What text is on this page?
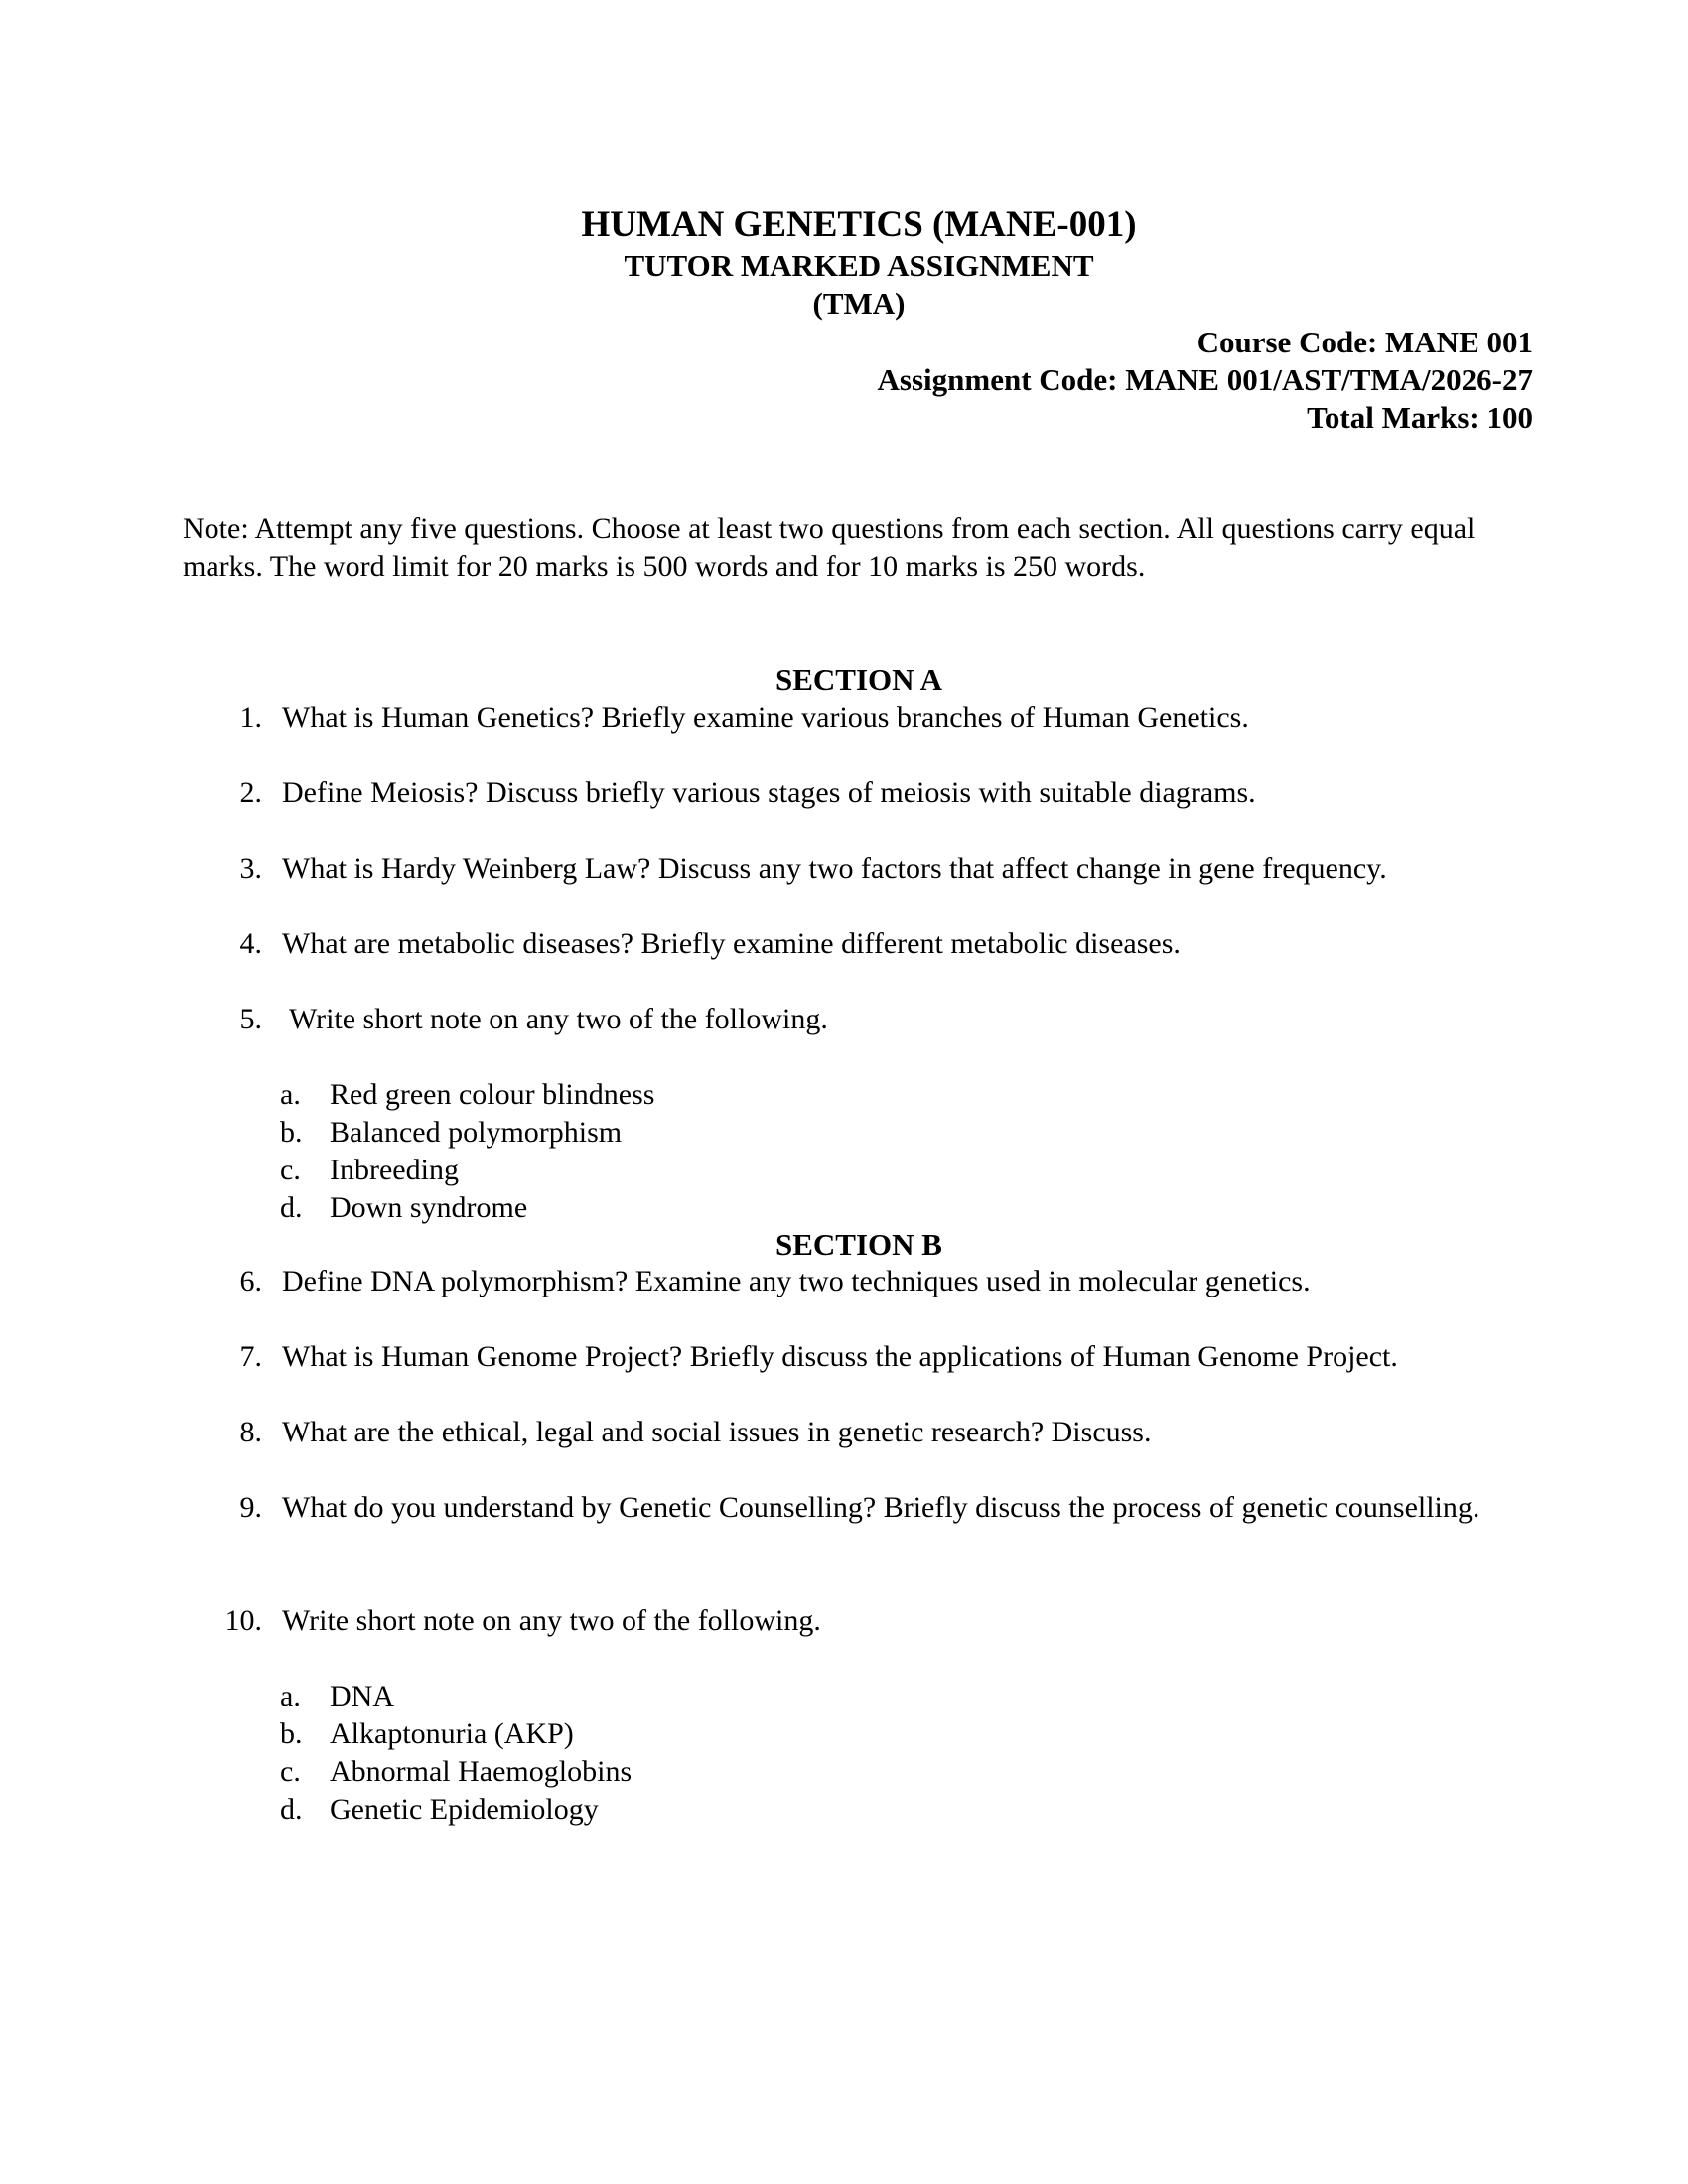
HUMAN GENETICS (MANE-001)
TUTOR MARKED ASSIGNMENT
(TMA)
Course Code: MANE 001
Assignment Code: MANE 001/AST/TMA/2026-27
Total Marks: 100
Note: Attempt any five questions. Choose at least two questions from each section. All questions carry equal marks. The word limit for 20 marks is 500 words and for 10 marks is 250 words.
SECTION A
1. What is Human Genetics? Briefly examine various branches of Human Genetics.
2. Define Meiosis? Discuss briefly various stages of meiosis with suitable diagrams.
3. What is Hardy Weinberg Law? Discuss any two factors that affect change in gene frequency.
4. What are metabolic diseases? Briefly examine different metabolic diseases.
5. Write short note on any two of the following.
a. Red green colour blindness
b. Balanced polymorphism
c. Inbreeding
d. Down syndrome
SECTION B
6. Define DNA polymorphism? Examine any two techniques used in molecular genetics.
7. What is Human Genome Project? Briefly discuss the applications of Human Genome Project.
8. What are the ethical, legal and social issues in genetic research? Discuss.
9. What do you understand by Genetic Counselling? Briefly discuss the process of genetic counselling.
10. Write short note on any two of the following.
a. DNA
b. Alkaptonuria (AKP)
c. Abnormal Haemoglobins
d. Genetic Epidemiology
